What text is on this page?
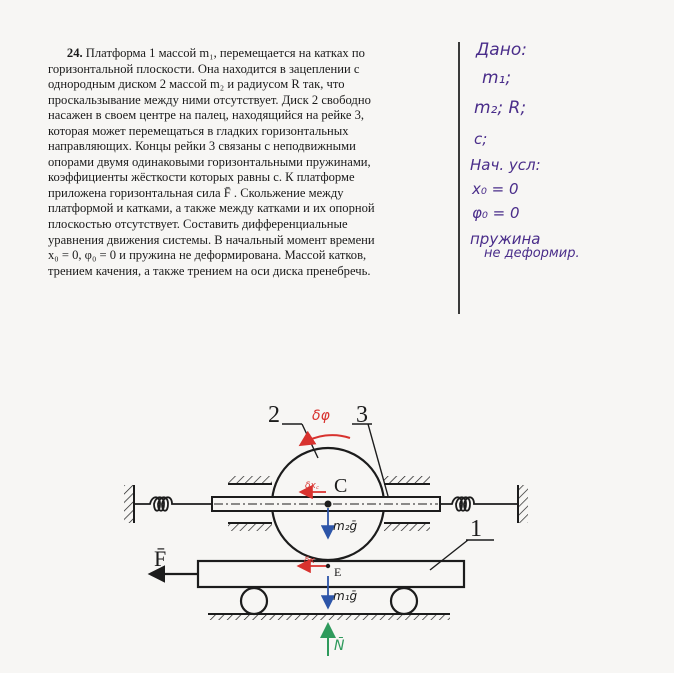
24. Платформа 1 массой m₁, перемещается на катках по
горизонтальной плоскости. Она находится в зацеплении с
однородным диском 2 массой m₂ и радиусом R так, что
проскальзывание между ними отсутствует. Диск 2 свободно
насажен в своем центре на палец, находящийся на рейке 3,
которая может перемещаться в гладких горизонтальных
направляющих. Концы рейки 3 связаны с неподвижными
опорами двумя одинаковыми горизонтальными пружинами,
коэффициенты жёсткости которых равны c. К платформе
приложена горизонтальная сила F̄ . Скольжение между
платформой и катками, а также между катками и их опорной
плоскостью отсутствует. Составить дифференциальные
уравнения движения системы. В начальный момент времени
x₀ = 0, φ₀ = 0 и пружина не деформирована. Массой катков,
трением качения, а также трением на оси диска пренебречь.
Дано:
m₁;
m₂; R;
c;
Нач. усл:
x₀ = 0
φ₀ = 0
пружина
не деформир.
F̄
2	3
1
δφ
δx꜀ C
m₂ḡ
δx
E
m₁ḡ
N̄
